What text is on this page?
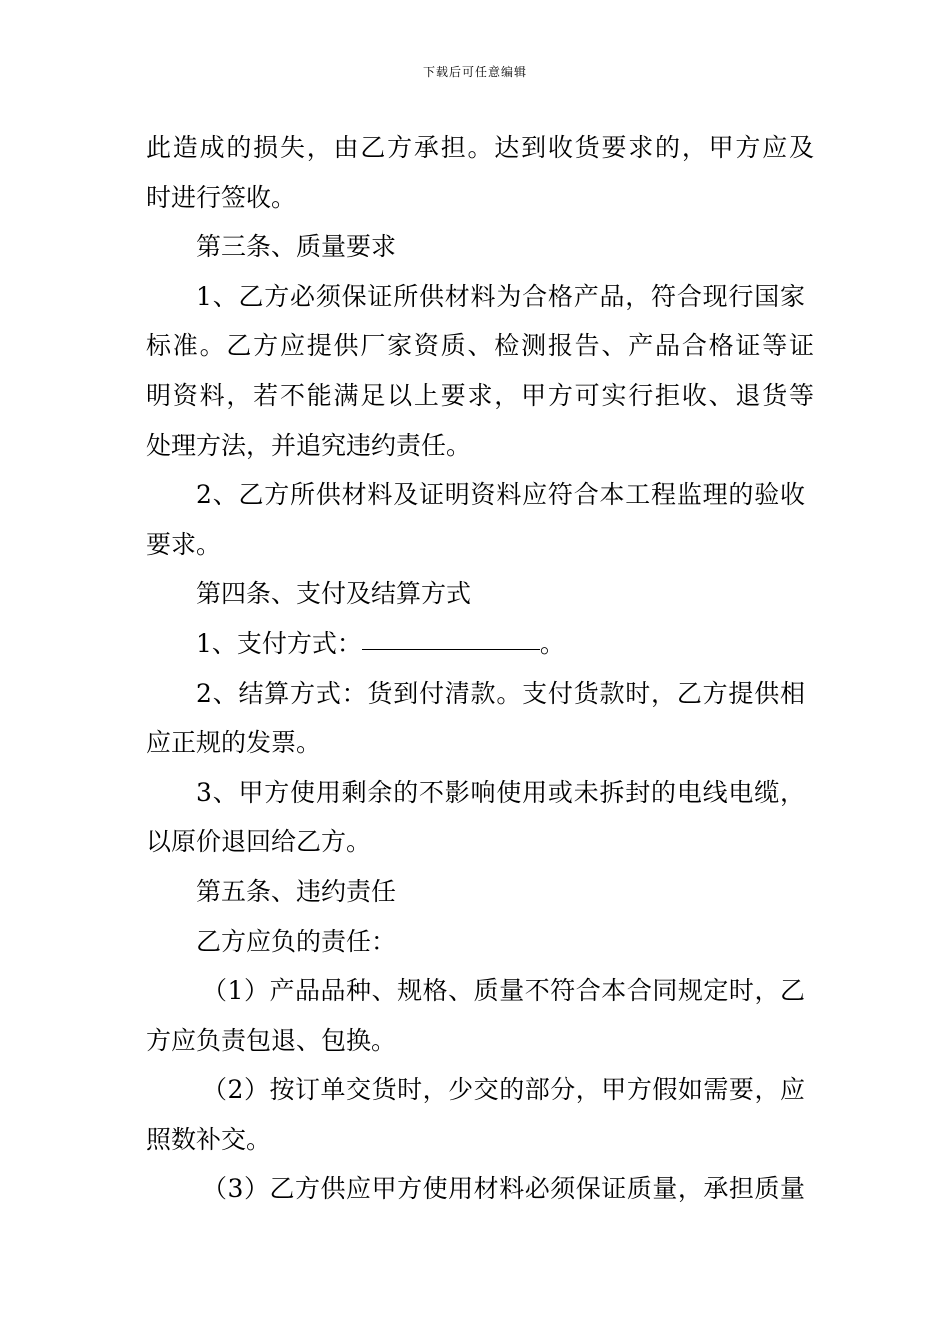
下载后可任意编辑
此造成的损失，由乙方承担。达到收货要求的，甲方应及
时进行签收。
第三条、质量要求
1、乙方必须保证所供材料为合格产品，符合现行国家
标准。乙方应提供厂家资质、检测报告、产品合格证等证
明资料，若不能满足以上要求，甲方可实行拒收、退货等
处理方法，并追究违约责任。
2、乙方所供材料及证明资料应符合本工程监理的验收
要求。
第四条、支付及结算方式
1、支付方式：	。
2、结算方式：货到付清款。支付货款时，乙方提供相
应正规的发票。
3、甲方使用剩余的不影响使用或未拆封的电线电缆，
以原价退回给乙方。
第五条、违约责任
乙方应负的责任：
（1）产品品种、规格、质量不符合本合同规定时，乙
方应负责包退、包换。
（2）按订单交货时，少交的部分，甲方假如需要，应
照数补交。
（3）乙方供应甲方使用材料必须保证质量，承担质量
